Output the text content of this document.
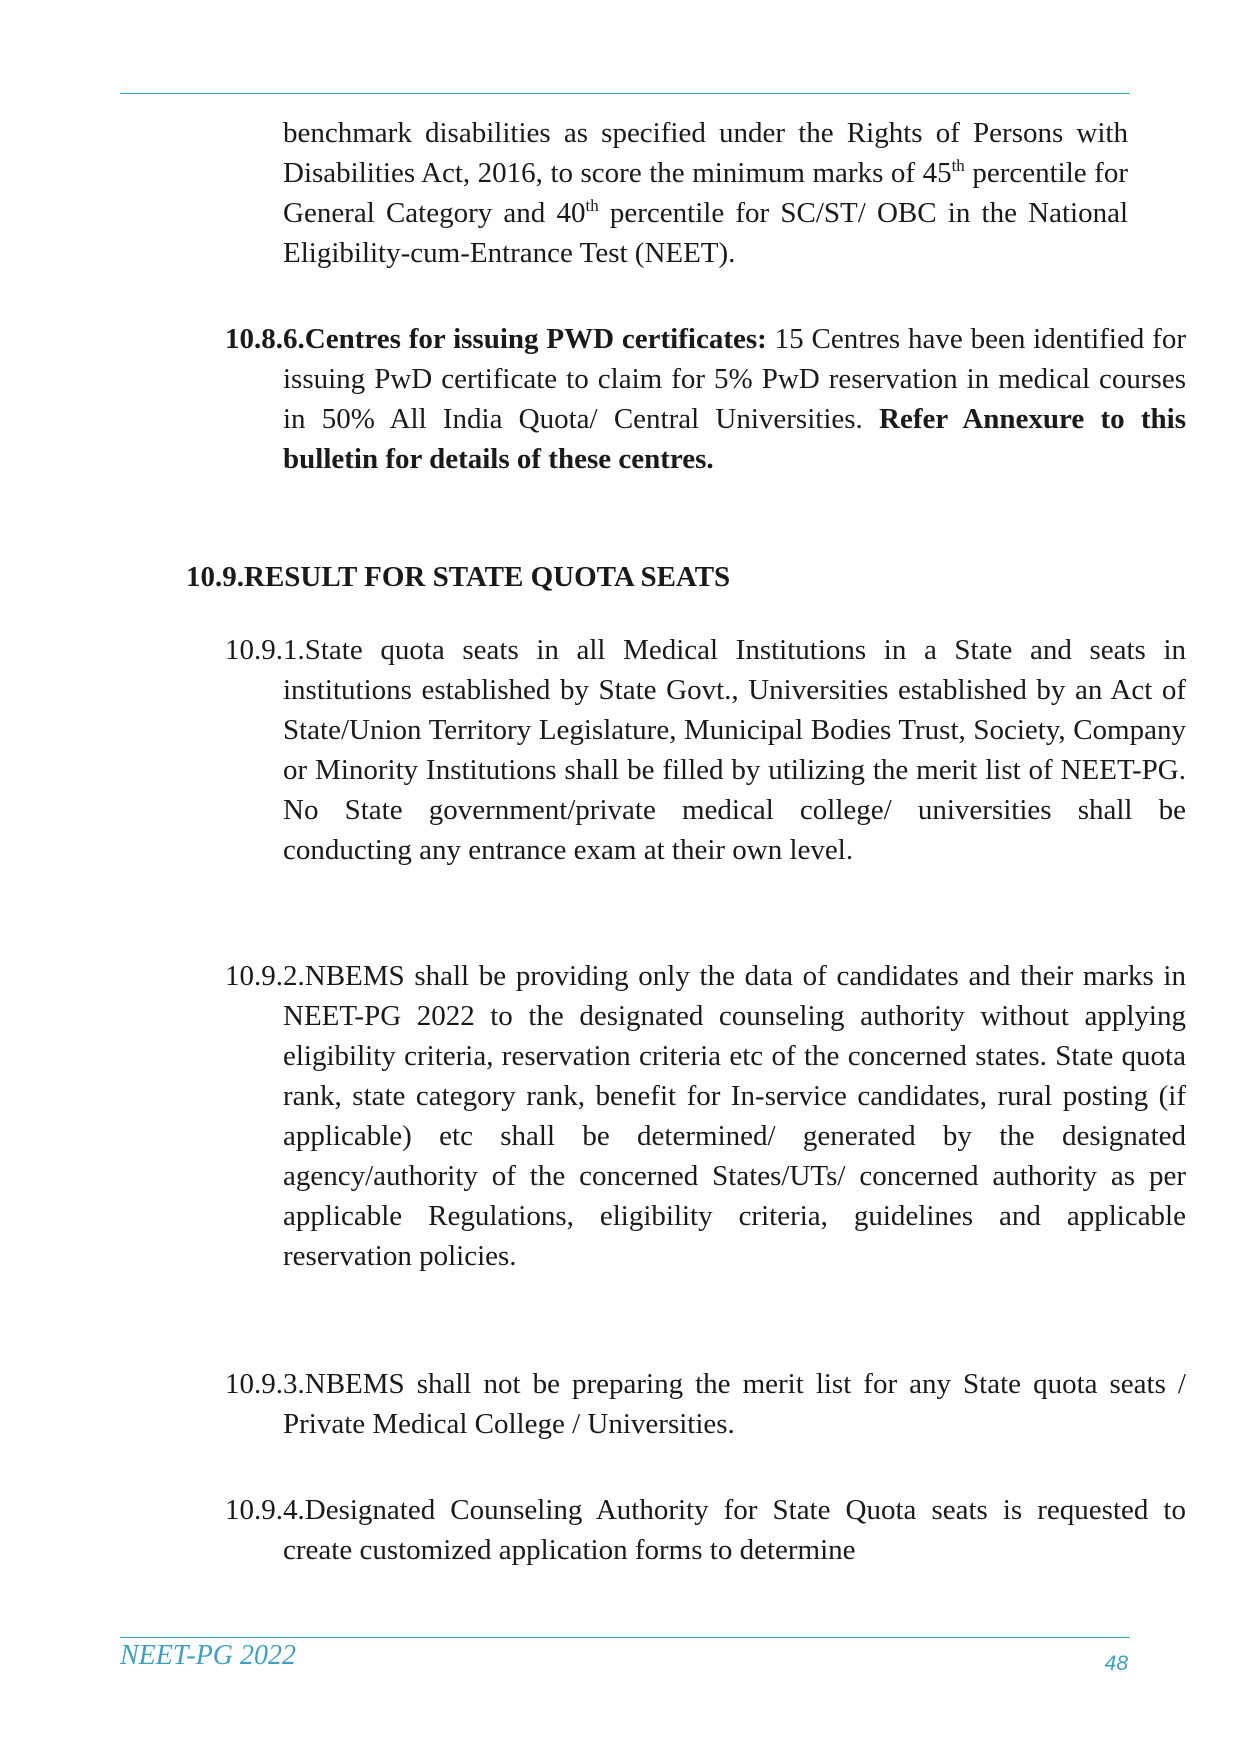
benchmark disabilities as specified under the Rights of Persons with Disabilities Act, 2016, to score the minimum marks of 45th percentile for General Category and 40th percentile for SC/ST/ OBC in the National Eligibility-cum-Entrance Test (NEET).

10.8.6.Centres for issuing PWD certificates: 15 Centres have been identified for issuing PwD certificate to claim for 5% PwD reservation in medical courses in 50% All India Quota/ Central Universities. Refer Annexure to this bulletin for details of these centres.

10.9.RESULT FOR STATE QUOTA SEATS

10.9.1.State quota seats in all Medical Institutions in a State and seats in institutions established by State Govt., Universities established by an Act of State/Union Territory Legislature, Municipal Bodies Trust, Society, Company or Minority Institutions shall be filled by utilizing the merit list of NEET-PG. No State government/private medical college/ universities shall be conducting any entrance exam at their own level.

10.9.2.NBEMS shall be providing only the data of candidates and their marks in NEET-PG 2022 to the designated counseling authority without applying eligibility criteria, reservation criteria etc of the concerned states. State quota rank, state category rank, benefit for In-service candidates, rural posting (if applicable) etc shall be determined/ generated by the designated agency/authority of the concerned States/UTs/ concerned authority as per applicable Regulations, eligibility criteria, guidelines and applicable reservation policies.

10.9.3.NBEMS shall not be preparing the merit list for any State quota seats / Private Medical College / Universities.

10.9.4.Designated Counseling Authority for State Quota seats is requested to create customized application forms to determine

NEET-PG 2022	48
